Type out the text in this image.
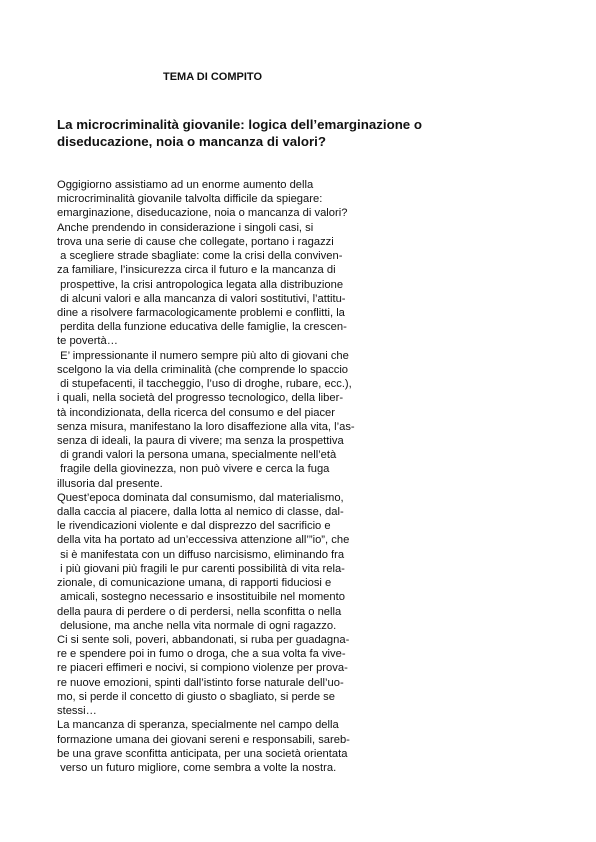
TEMA DI COMPITO
La microcriminalità giovanile: logica dell’emarginazione o
diseducazione, noia o mancanza di valori?
Oggigiorno assistiamo ad un enorme aumento della
microcriminalità giovanile talvolta difficile da spiegare:
emarginazione, diseducazione, noia o mancanza di valori?
Anche prendendo in considerazione i singoli casi, si
trova una serie di cause che collegate, portano i ragazzi
a scegliere strade sbagliate: come la crisi della conviven-
za familiare, l’insicurezza circa il futuro e la mancanza di
prospettive, la crisi antropologica legata alla distribuzione
di alcuni valori e alla mancanza di valori sostitutivi, l’attitu-
dine a risolvere farmacologicamente problemi e conflitti, la
perdita della funzione educativa delle famiglie, la crescen-
te povertà…
E’ impressionante il numero sempre più alto di giovani che
scelgono la via della criminalità (che comprende lo spaccio
di stupefacenti, il taccheggio, l’uso di droghe, rubare, ecc.),
i quali, nella società del progresso tecnologico, della liber-
tà incondizionata, della ricerca del consumo e del piacer
senza misura, manifestano la loro disaffezione alla vita, l’as-
senza di ideali, la paura di vivere; ma senza la prospettiva
di grandi valori la persona umana, specialmente nell’età
fragile della giovinezza, non può vivere e cerca la fuga
illusoria dal presente.
Quest’epoca dominata dal consumismo, dal materialismo,
dalla caccia al piacere, dalla lotta al nemico di classe, dal-
le rivendicazioni violente e dal disprezzo del sacrificio e
della vita ha portato ad un’eccessiva attenzione all’”io”, che
si è manifestata con un diffuso narcisismo, eliminando fra
i più giovani più fragili le pur carenti possibilità di vita rela-
zionale, di comunicazione umana, di rapporti fiduciosi e
amicali, sostegno necessario e insostituibile nel momento
della paura di perdere o di perdersi, nella sconfitta o nella
delusione, ma anche nella vita normale di ogni ragazzo.
Ci si sente soli, poveri, abbandonati, si ruba per guadagna-
re e spendere poi in fumo o droga, che a sua volta fa vive-
re piaceri effimeri e nocivi, si compiono violenze per prova-
re nuove emozioni, spinti dall’istinto forse naturale dell’uo-
mo, si perde il concetto di giusto o sbagliato, si perde se
stessi…
La mancanza di speranza, specialmente nel campo della
formazione umana dei giovani sereni e responsabili, sareb-
be una grave sconfitta anticipata, per una società orientata
verso un futuro migliore, come sembra a volte la nostra.
